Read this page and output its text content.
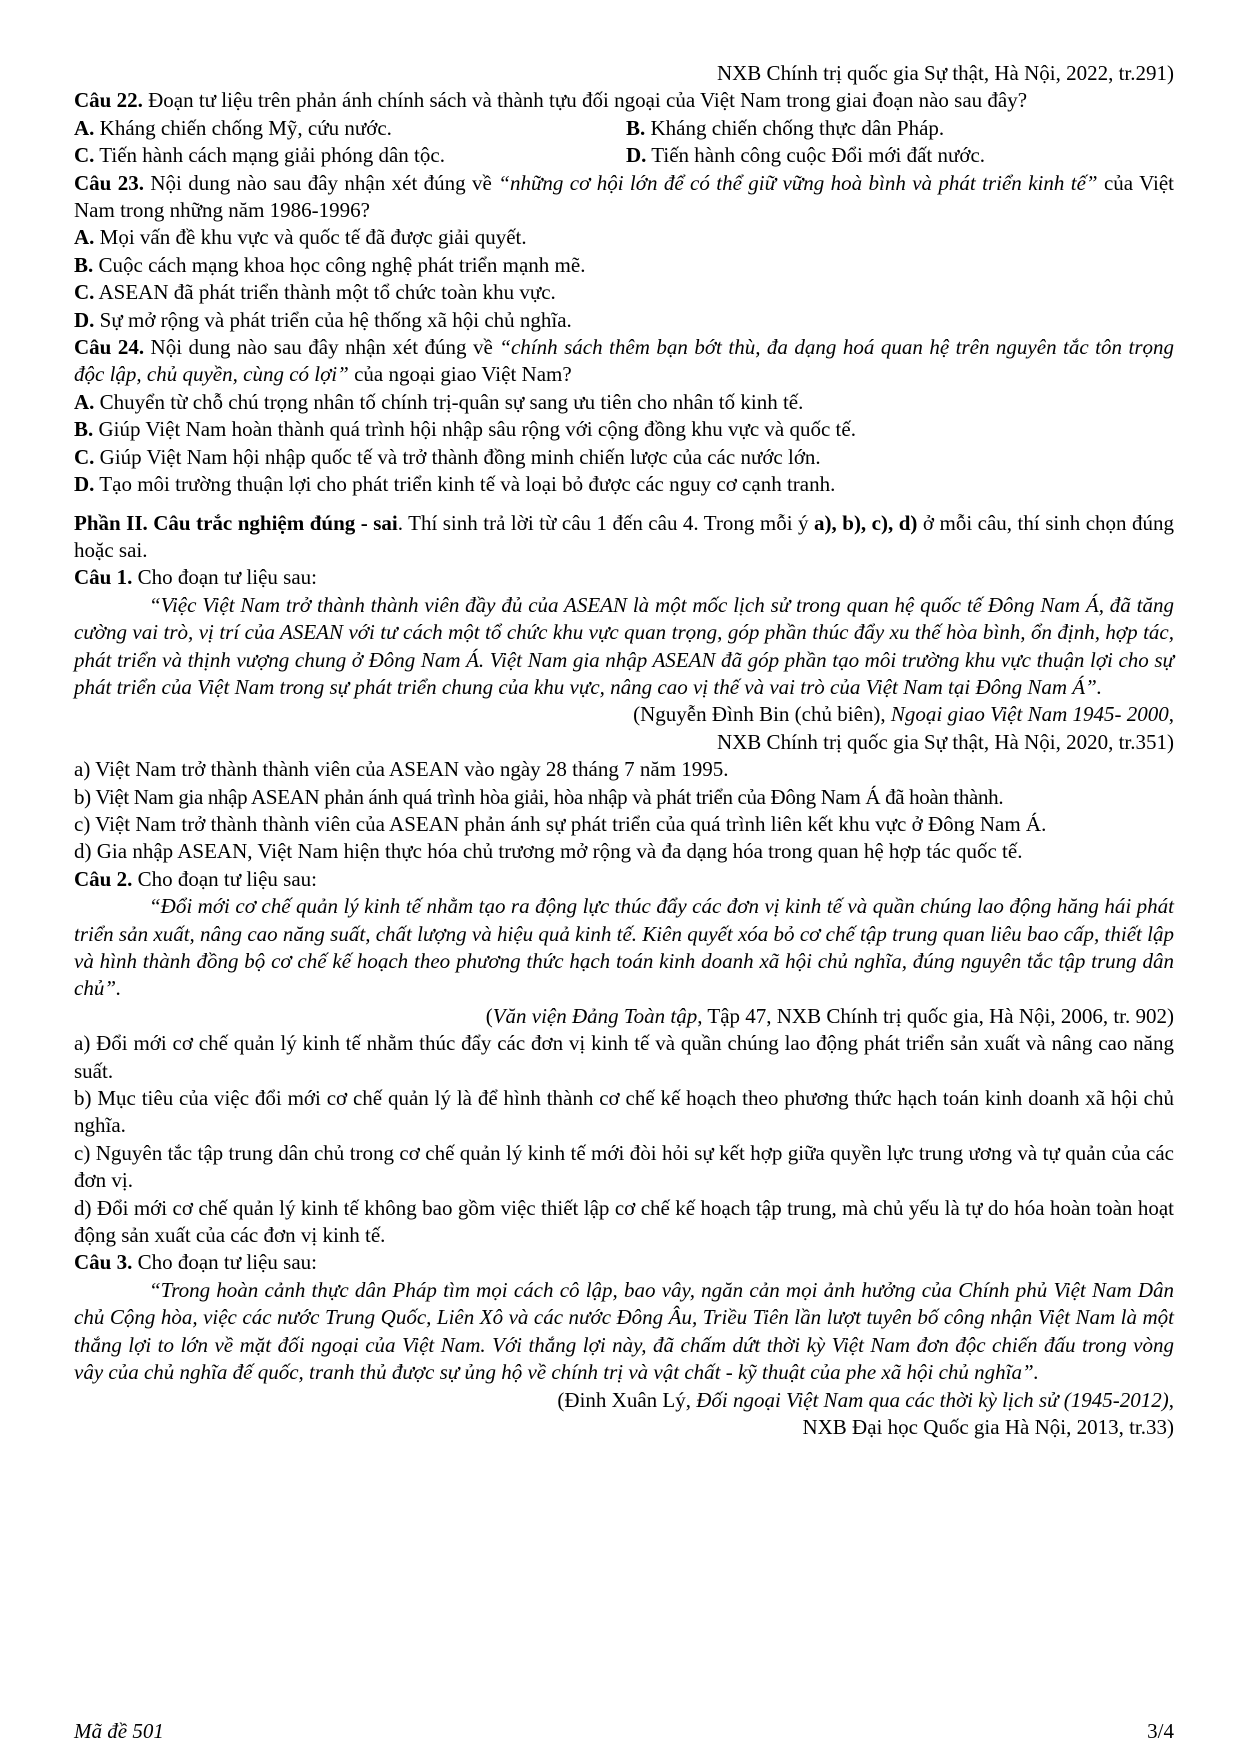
NXB Chính trị quốc gia Sự thật, Hà Nội, 2022, tr.291)
Câu 22. Đoạn tư liệu trên phản ánh chính sách và thành tựu đối ngoại của Việt Nam trong giai đoạn nào sau đây?
A. Kháng chiến chống Mỹ, cứu nước.	B. Kháng chiến chống thực dân Pháp.
C. Tiến hành cách mạng giải phóng dân tộc.	D. Tiến hành công cuộc Đổi mới đất nước.
Câu 23. Nội dung nào sau đây nhận xét đúng về “những cơ hội lớn để có thể giữ vững hoà bình và phát triển kinh tế” của Việt Nam trong những năm 1986-1996?
A. Mọi vấn đề khu vực và quốc tế đã được giải quyết.
B. Cuộc cách mạng khoa học công nghệ phát triển mạnh mẽ.
C. ASEAN đã phát triển thành một tổ chức toàn khu vực.
D. Sự mở rộng và phát triển của hệ thống xã hội chủ nghĩa.
Câu 24. Nội dung nào sau đây nhận xét đúng về “chính sách thêm bạn bớt thù, đa dạng hoá quan hệ trên nguyên tắc tôn trọng độc lập, chủ quyền, cùng có lợi” của ngoại giao Việt Nam?
A. Chuyển từ chỗ chú trọng nhân tố chính trị-quân sự sang ưu tiên cho nhân tố kinh tế.
B. Giúp Việt Nam hoàn thành quá trình hội nhập sâu rộng với cộng đồng khu vực và quốc tế.
C. Giúp Việt Nam hội nhập quốc tế và trở thành đồng minh chiến lược của các nước lớn.
D. Tạo môi trường thuận lợi cho phát triển kinh tế và loại bỏ được các nguy cơ cạnh tranh.
Phần II. Câu trắc nghiệm đúng - sai. Thí sinh trả lời từ câu 1 đến câu 4. Trong mỗi ý a), b), c), d) ở mỗi câu, thí sinh chọn đúng hoặc sai.
Câu 1. Cho đoạn tư liệu sau:
“Việc Việt Nam trở thành thành viên đầy đủ của ASEAN là một mốc lịch sử trong quan hệ quốc tế Đông Nam Á, đã tăng cường vai trò, vị trí của ASEAN với tư cách một tổ chức khu vực quan trọng, góp phần thúc đẩy xu thế hòa bình, ổn định, hợp tác, phát triển và thịnh vượng chung ở Đông Nam Á. Việt Nam gia nhập ASEAN đã góp phần tạo môi trường khu vực thuận lợi cho sự phát triển của Việt Nam trong sự phát triển chung của khu vực, nâng cao vị thế và vai trò của Việt Nam tại Đông Nam Á”.
(Nguyễn Đình Bin (chủ biên), Ngoại giao Việt Nam 1945- 2000,
NXB Chính trị quốc gia Sự thật, Hà Nội, 2020, tr.351)
a) Việt Nam trở thành thành viên của ASEAN vào ngày 28 tháng 7 năm 1995.
b) Việt Nam gia nhập ASEAN phản ánh quá trình hòa giải, hòa nhập và phát triển của Đông Nam Á đã hoàn thành.
c) Việt Nam trở thành thành viên của ASEAN phản ánh sự phát triển của quá trình liên kết khu vực ở Đông Nam Á.
d) Gia nhập ASEAN, Việt Nam hiện thực hóa chủ trương mở rộng và đa dạng hóa trong quan hệ hợp tác quốc tế.
Câu 2. Cho đoạn tư liệu sau:
“Đổi mới cơ chế quản lý kinh tế nhằm tạo ra động lực thúc đẩy các đơn vị kinh tế và quần chúng lao động hăng hái phát triển sản xuất, nâng cao năng suất, chất lượng và hiệu quả kinh tế. Kiên quyết xóa bỏ cơ chế tập trung quan liêu bao cấp, thiết lập và hình thành đồng bộ cơ chế kế hoạch theo phương thức hạch toán kinh doanh xã hội chủ nghĩa, đúng nguyên tắc tập trung dân chủ”.
(Văn viện Đảng Toàn tập, Tập 47, NXB Chính trị quốc gia, Hà Nội, 2006, tr. 902)
a) Đổi mới cơ chế quản lý kinh tế nhằm thúc đẩy các đơn vị kinh tế và quần chúng lao động phát triển sản xuất và nâng cao năng suất.
b) Mục tiêu của việc đổi mới cơ chế quản lý là để hình thành cơ chế kế hoạch theo phương thức hạch toán kinh doanh xã hội chủ nghĩa.
c) Nguyên tắc tập trung dân chủ trong cơ chế quản lý kinh tế mới đòi hỏi sự kết hợp giữa quyền lực trung ương và tự quản của các đơn vị.
d) Đổi mới cơ chế quản lý kinh tế không bao gồm việc thiết lập cơ chế kế hoạch tập trung, mà chủ yếu là tự do hóa hoàn toàn hoạt động sản xuất của các đơn vị kinh tế.
Câu 3. Cho đoạn tư liệu sau:
“Trong hoàn cảnh thực dân Pháp tìm mọi cách cô lập, bao vây, ngăn cản mọi ảnh hưởng của Chính phủ Việt Nam Dân chủ Cộng hòa, việc các nước Trung Quốc, Liên Xô và các nước Đông Âu, Triều Tiên lần lượt tuyên bố công nhận Việt Nam là một thắng lợi to lớn về mặt đối ngoại của Việt Nam. Với thắng lợi này, đã chấm dứt thời kỳ Việt Nam đơn độc chiến đấu trong vòng vây của chủ nghĩa đế quốc, tranh thủ được sự ủng hộ về chính trị và vật chất - kỹ thuật của phe xã hội chủ nghĩa”.
(Đinh Xuân Lý, Đối ngoại Việt Nam qua các thời kỳ lịch sử (1945-2012),
NXB Đại học Quốc gia Hà Nội, 2013, tr.33)
Mã đề 501	3/4
